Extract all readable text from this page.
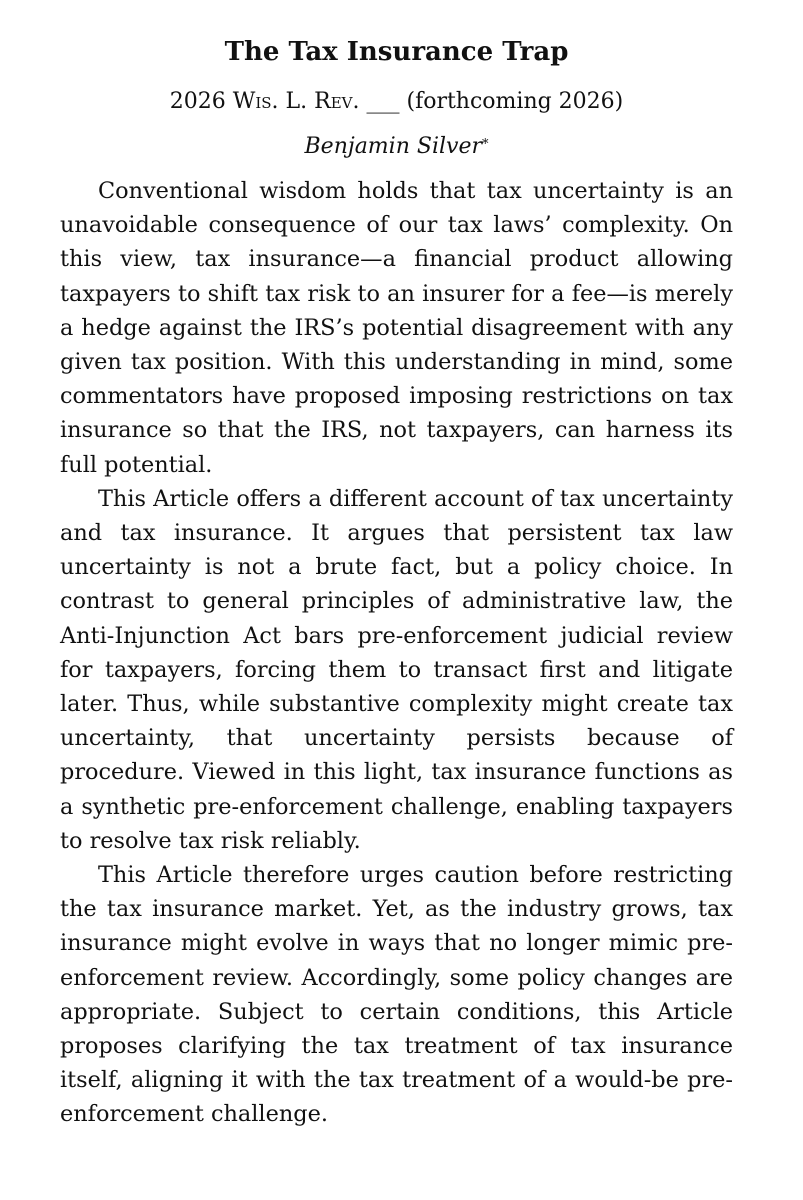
The Tax Insurance Trap
2026 Wis. L. Rev. ___ (forthcoming 2026)
Benjamin Silver*

Conventional wisdom holds that tax uncertainty is an unavoidable consequence of our tax laws’ complexity. On this view, tax insurance—a financial product allowing taxpayers to shift tax risk to an insurer for a fee—is merely a hedge against the IRS’s potential disagreement with any given tax position. With this understanding in mind, some commentators have proposed imposing restrictions on tax insurance so that the IRS, not taxpayers, can harness its full potential.

This Article offers a different account of tax uncertainty and tax insurance. It argues that persistent tax law uncertainty is not a brute fact, but a policy choice. In contrast to general principles of administrative law, the Anti-Injunction Act bars pre-enforcement judicial review for taxpayers, forcing them to transact first and litigate later. Thus, while substantive complexity might create tax uncertainty, that uncertainty persists because of procedure. Viewed in this light, tax insurance functions as a synthetic pre-enforcement challenge, enabling taxpayers to resolve tax risk reliably.

This Article therefore urges caution before restricting the tax insurance market. Yet, as the industry grows, tax insurance might evolve in ways that no longer mimic pre-enforcement review. Accordingly, some policy changes are appropriate. Subject to certain conditions, this Article proposes clarifying the tax treatment of tax insurance itself, aligning it with the tax treatment of a would-be pre-enforcement challenge.
